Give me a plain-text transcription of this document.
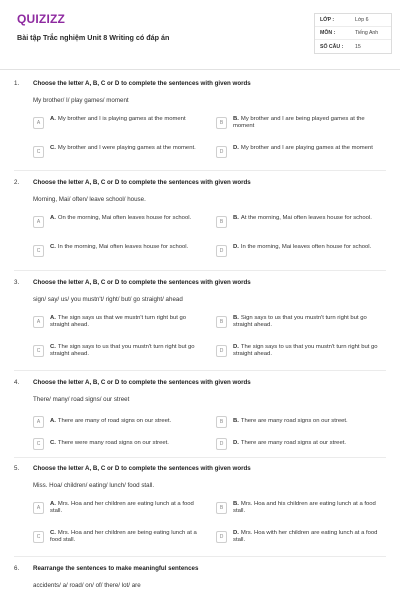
QUIZIZZ
Bài tập Trắc nghiệm Unit 8 Writing có đáp án
LỚP :	Lớp 6
MÔN :	Tiếng Anh
SỐ CÂU :	15
1. Choose the letter A, B, C or D to complete the sentences with given words
My brother/ I/ play games/ moment
A
A. My brother and I is playing games at the moment
B
B. My brother and I are being played games at the moment
C
C. My brother and I were playing games at the moment.
D
D. My brother and I are playing games at the moment
2. Choose the letter A, B, C or D to complete the sentences with given words
Morning, Mai/ often/ leave school/ house.
A
A. On the morning, Mai often leaves house for school.
B
B. At the morning, Mai often leaves house for school.
C
C. In the morning, Mai often leaves house for school.
D
D. In the morning, Mai leaves often house for school.
3. Choose the letter A, B, C or D to complete the sentences with given words
sign/ say/ us/ you mustn't/ right/ but/ go straight/ ahead
A
A. The sign says us that we mustn't turn right but go straight ahead.
B
B. Sign says to us that you mustn't turn right but go straight ahead.
C
C. The sign says to us that you mustn't turn right but go straight ahead.
D
D. The sign says to us that you mustn't turn right but go straight ahead.
4. Choose the letter A, B, C or D to complete the sentences with given words
There/ many/ road signs/ our street
A	A. There are many of road signs on our street.	B	B. There are many road signs on our street.
C	C. There were many road signs on our street.	D	D. There are many road signs at our street.
5. Choose the letter A, B, C or D to complete the sentences with given words
Miss. Hoa/ children/ eating/ lunch/ food stall.
A
A. Mrs. Hoa and her children are eating lunch at a food stall.
B
B. Mrs. Hoa and his children are eating lunch at a food stall.
C
C. Mrs. Hoa and her children are being eating lunch at a food stall.
D
D. Mrs. Hoa with her children are eating lunch at a food stall.
6. Rearrange the sentences to make meaningful sentences
accidents/ a/ road/ on/ of/ there/ lot/ are
